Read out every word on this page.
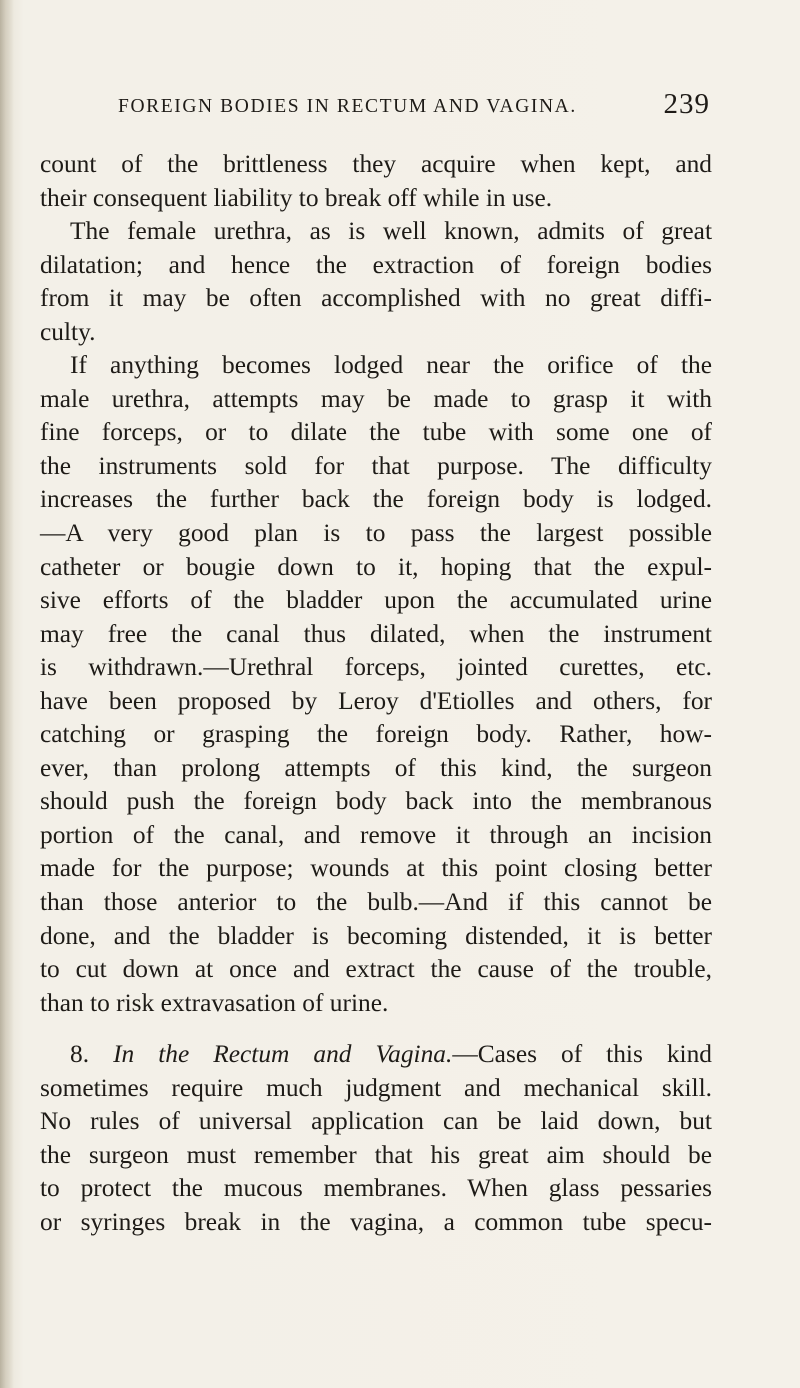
FOREIGN BODIES IN RECTUM AND VAGINA.	239
count of the brittleness they acquire when kept, and
their consequent liability to break off while in use.
The female urethra, as is well known, admits of great
dilatation; and hence the extraction of foreign bodies
from it may be often accomplished with no great diffi-
culty.
If anything becomes lodged near the orifice of the
male urethra, attempts may be made to grasp it with
fine forceps, or to dilate the tube with some one of
the instruments sold for that purpose. The difficulty
increases the further back the foreign body is lodged.
—A very good plan is to pass the largest possible
catheter or bougie down to it, hoping that the expul-
sive efforts of the bladder upon the accumulated urine
may free the canal thus dilated, when the instrument
is withdrawn.—Urethral forceps, jointed curettes, etc.
have been proposed by Leroy d'Etiolles and others, for
catching or grasping the foreign body. Rather, how-
ever, than prolong attempts of this kind, the surgeon
should push the foreign body back into the membranous
portion of the canal, and remove it through an incision
made for the purpose; wounds at this point closing better
than those anterior to the bulb.—And if this cannot be
done, and the bladder is becoming distended, it is better
to cut down at once and extract the cause of the trouble,
than to risk extravasation of urine.
8. In the Rectum and Vagina.—Cases of this kind
sometimes require much judgment and mechanical skill.
No rules of universal application can be laid down, but
the surgeon must remember that his great aim should be
to protect the mucous membranes. When glass pessaries
or syringes break in the vagina, a common tube specu-
